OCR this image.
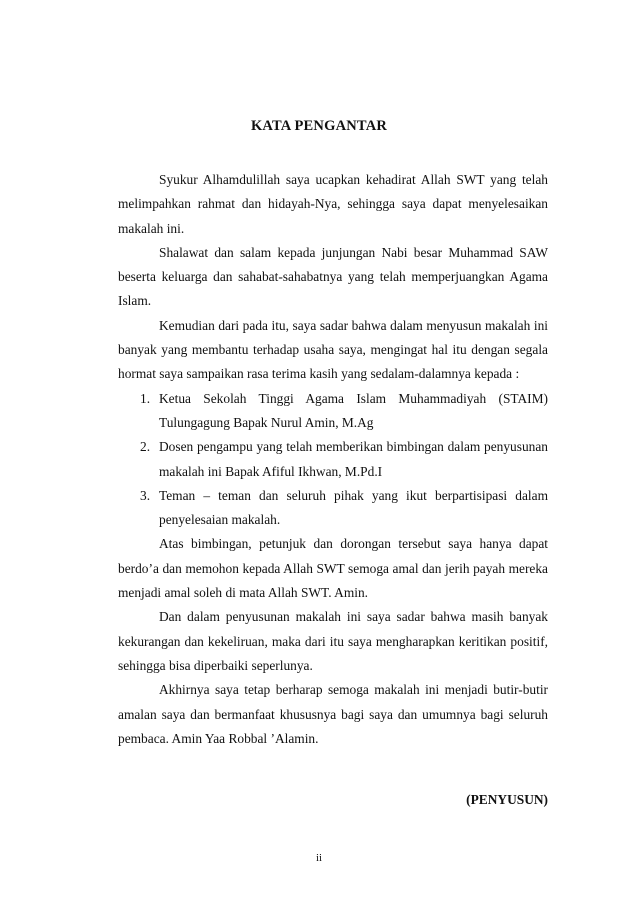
KATA PENGANTAR

Syukur Alhamdulillah saya ucapkan kehadirat Allah SWT yang telah melimpahkan rahmat dan hidayah-Nya, sehingga saya dapat menyelesaikan makalah ini.

Shalawat dan salam kepada junjungan Nabi besar Muhammad SAW beserta keluarga dan sahabat-sahabatnya yang telah memperjuangkan Agama Islam.

Kemudian dari pada itu, saya sadar bahwa dalam menyusun makalah ini banyak yang membantu terhadap usaha saya, mengingat hal itu dengan segala hormat saya sampaikan rasa terima kasih yang sedalam-dalamnya kepada :

1. Ketua Sekolah Tinggi Agama Islam Muhammadiyah (STAIM) Tulungagung Bapak Nurul Amin, M.Ag
2. Dosen pengampu yang telah memberikan bimbingan dalam penyusunan makalah ini Bapak Afiful Ikhwan, M.Pd.I
3. Teman – teman dan seluruh pihak yang ikut berpartisipasi dalam penyelesaian makalah.

Atas bimbingan, petunjuk dan dorongan tersebut saya hanya dapat berdo’a dan memohon kepada Allah SWT semoga amal dan jerih payah mereka menjadi amal soleh di mata Allah SWT. Amin.

Dan dalam penyusunan makalah ini saya sadar bahwa masih banyak kekurangan dan kekeliruan, maka dari itu saya mengharapkan keritikan positif, sehingga bisa diperbaiki seperlunya.

Akhirnya saya tetap berharap semoga makalah ini menjadi butir-butir amalan saya dan bermanfaat khususnya bagi saya dan umumnya bagi seluruh pembaca. Amin Yaa Robbal ’Alamin.

(PENYUSUN)
ii
